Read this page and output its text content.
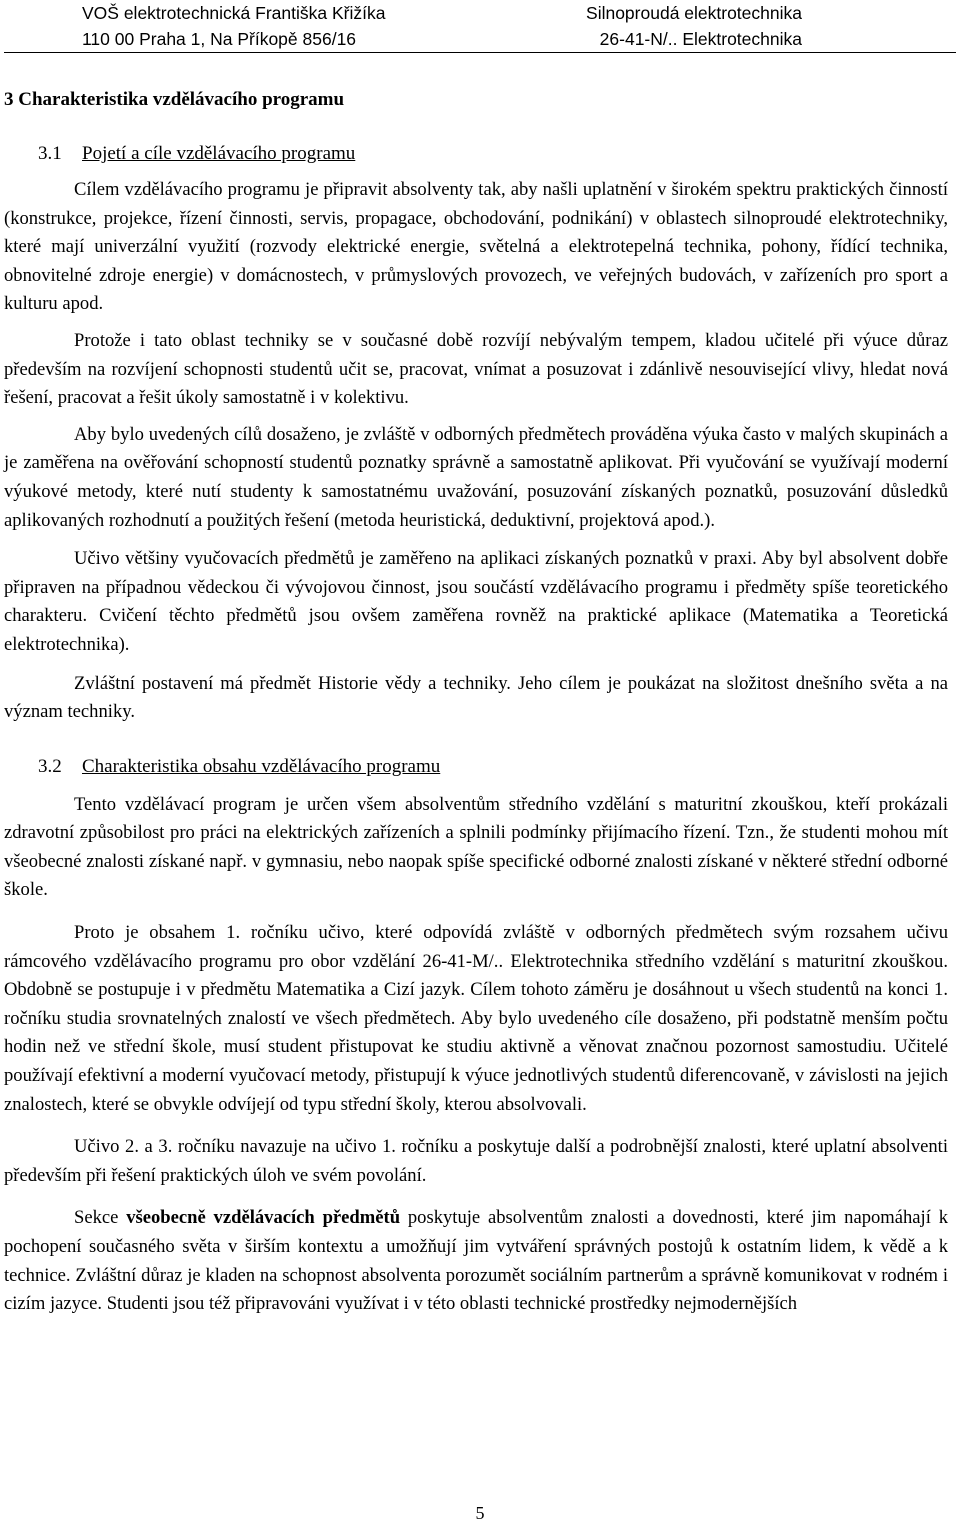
VOŠ elektrotechnická Františka Křižíka	Silnoproudá elektrotechnika
110 00 Praha 1, Na Příkopě 856/16	26-41-N/.. Elektrotechnika
3 Charakteristika vzdělávacího programu
3.1 Pojetí a cíle vzdělávacího programu

Cílem vzdělávacího programu je připravit absolventy tak, aby našli uplatnění v širokém spektru praktických činností (konstrukce, projekce, řízení činnosti, servis, propagace, obchodování, podnikání) v oblastech silnoproudé elektrotechniky, které mají univerzální využití (rozvody elektrické energie, světelná a elektrotepelná technika, pohony, řídící technika, obnovitelné zdroje energie) v domácnostech, v průmyslových provozech, ve veřejných budovách, v zařízeních pro sport a kulturu apod.

Protože i tato oblast techniky se v současné době rozvíjí nebývalým tempem, kladou učitelé při výuce důraz především na rozvíjení schopnosti studentů učit se, pracovat, vnímat a posuzovat i zdánlivě nesouvisející vlivy, hledat nová řešení, pracovat a řešit úkoly samostatně i v kolektivu.

Aby bylo uvedených cílů dosaženo, je zvláště v odborných předmětech prováděna výuka často v malých skupinách a je zaměřena na ověřování schopností studentů poznatky správně a samostatně aplikovat. Při vyučování se využívají moderní výukové metody, které nutí studenty k samostatnému uvažování, posuzování získaných poznatků, posuzování důsledků aplikovaných rozhodnutí a použitých řešení (metoda heuristická, deduktivní, projektová apod.).

Učivo většiny vyučovacích předmětů je zaměřeno na aplikaci získaných poznatků v praxi. Aby byl absolvent dobře připraven na případnou vědeckou či vývojovou činnost, jsou součástí vzdělávacího programu i předměty spíše teoretického charakteru. Cvičení těchto předmětů jsou ovšem zaměřena rovněž na praktické aplikace (Matematika a Teoretická elektrotechnika).

Zvláštní postavení má předmět Historie vědy a techniky. Jeho cílem je poukázat na složitost dnešního světa a na význam techniky.

3.2 Charakteristika obsahu vzdělávacího programu

Tento vzdělávací program je určen všem absolventům středního vzdělání s maturitní zkouškou, kteří prokázali zdravotní způsobilost pro práci na elektrických zařízeních a splnili podmínky přijímacího řízení. Tzn., že studenti mohou mít všeobecné znalosti získané např. v gymnasiu, nebo naopak spíše specifické odborné znalosti získané v některé střední odborné škole.

Proto je obsahem 1. ročníku učivo, které odpovídá zvláště v odborných předmětech svým rozsahem učivu rámcového vzdělávacího programu pro obor vzdělání 26-41-M/.. Elektrotechnika středního vzdělání s maturitní zkouškou. Obdobně se postupuje i v předmětu Matematika a Cizí jazyk. Cílem tohoto záměru je dosáhnout u všech studentů na konci 1. ročníku studia srovnatelných znalostí ve všech předmětech. Aby bylo uvedeného cíle dosaženo, při podstatně menším počtu hodin než ve střední škole, musí student přistupovat ke studiu aktivně a věnovat značnou pozornost samostudiu. Učitelé používají efektivní a moderní vyučovací metody, přistupují k výuce jednotlivých studentů diferencovaně, v závislosti na jejich znalostech, které se obvykle odvíjejí od typu střední školy, kterou absolvovali.

Učivo 2. a 3. ročníku navazuje na učivo 1. ročníku a poskytuje další a podrobnější znalosti, které uplatní absolventi především při řešení praktických úloh ve svém povolání.

Sekce všeobecně vzdělávacích předmětů poskytuje absolventům znalosti a dovednosti, které jim napomáhají k pochopení současného světa v širším kontextu a umožňují jim vytváření správných postojů k ostatním lidem, k vědě a k technice. Zvláštní důraz je kladen na schopnost absolventa porozumět sociálním partnerům a správně komunikovat v rodném i cizím jazyce. Studenti jsou též připravováni využívat i v této oblasti technické prostředky nejmodernějších

5
